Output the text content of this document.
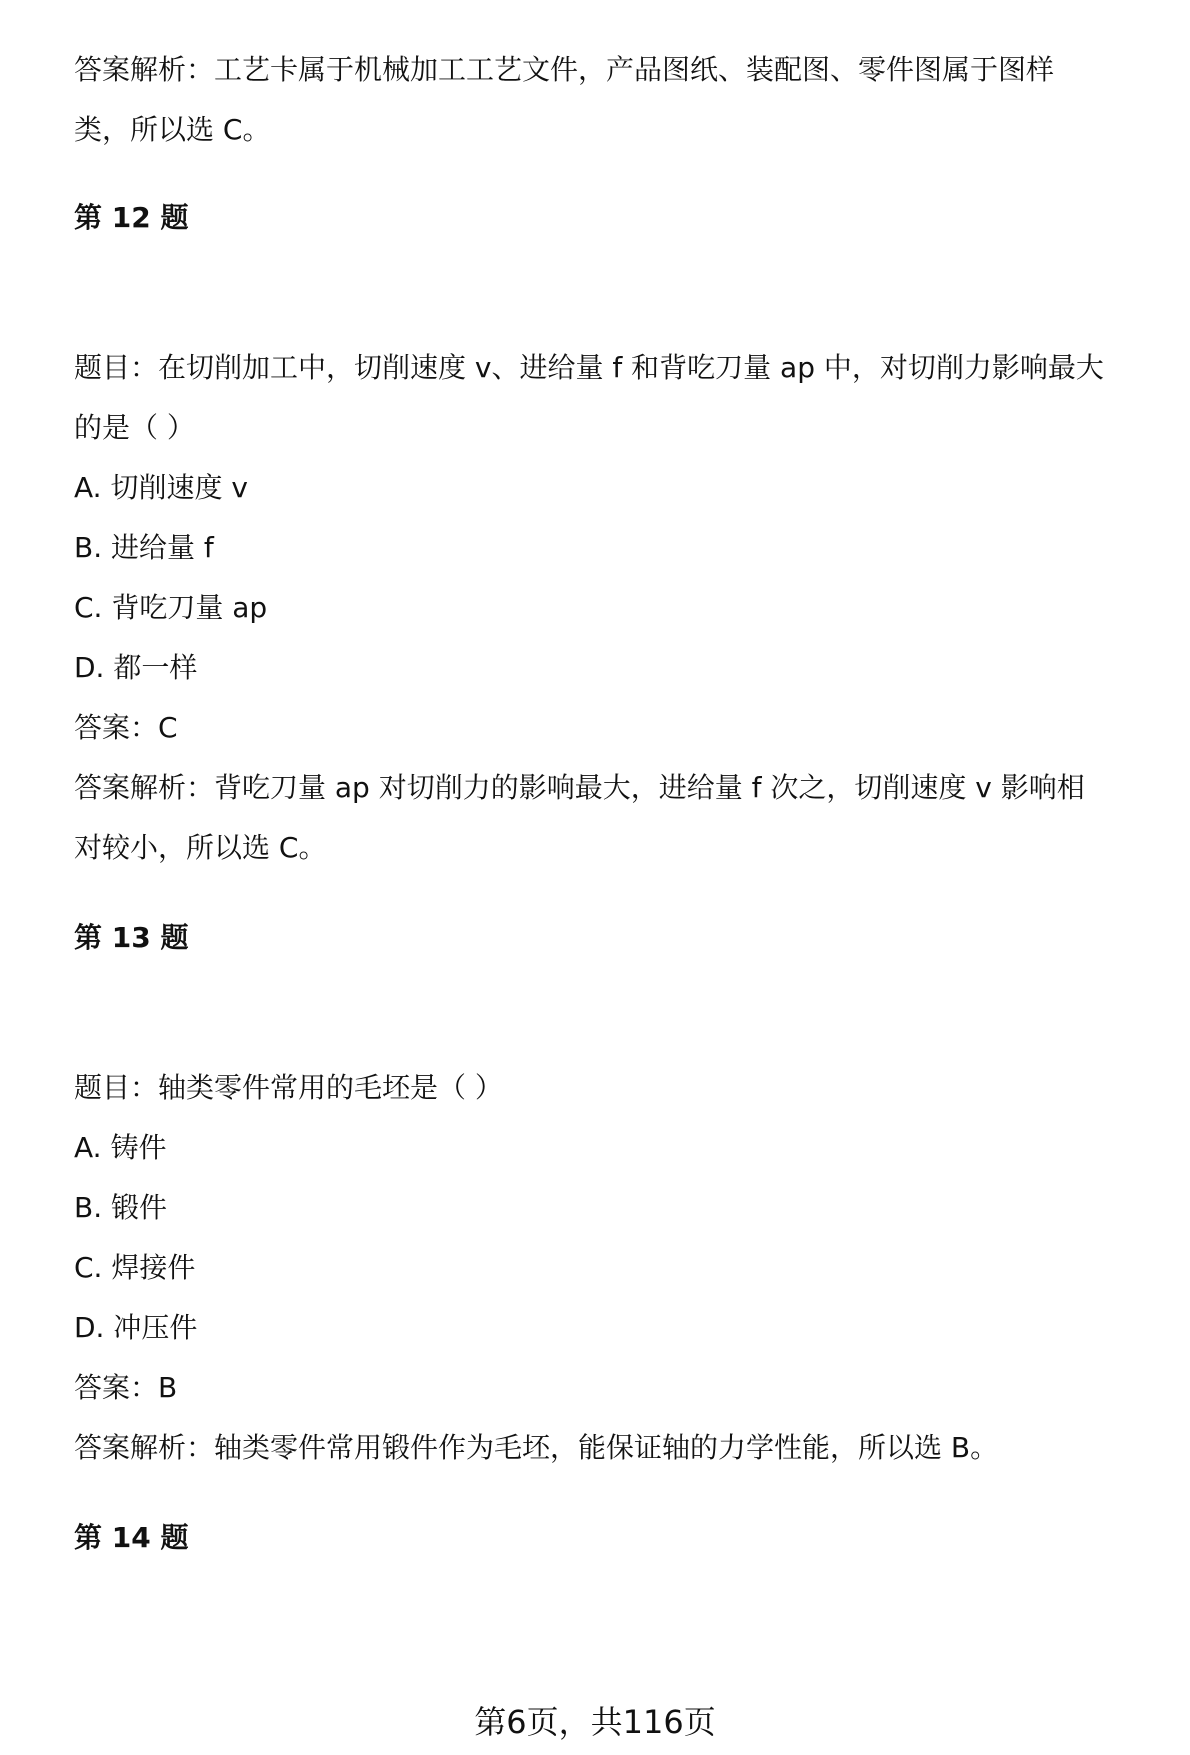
答案解析：工艺卡属于机械加工工艺文件，产品图纸、装配图、零件图属于图样

类，所以选 C。

第 12 题

题目：在切削加工中，切削速度 v、进给量 f 和背吃刀量 ap 中，对切削力影响最大

的是（ ）

A. 切削速度 v

B. 进给量 f

C. 背吃刀量 ap

D. 都一样

答案：C

答案解析：背吃刀量 ap 对切削力的影响最大，进给量 f 次之，切削速度 v 影响相

对较小，所以选 C。

第 13 题

题目：轴类零件常用的毛坯是（ ）

A. 铸件

B. 锻件

C. 焊接件

D. 冲压件

答案：B

答案解析：轴类零件常用锻件作为毛坯，能保证轴的力学性能，所以选 B。

第 14 题

第6页，共116页
